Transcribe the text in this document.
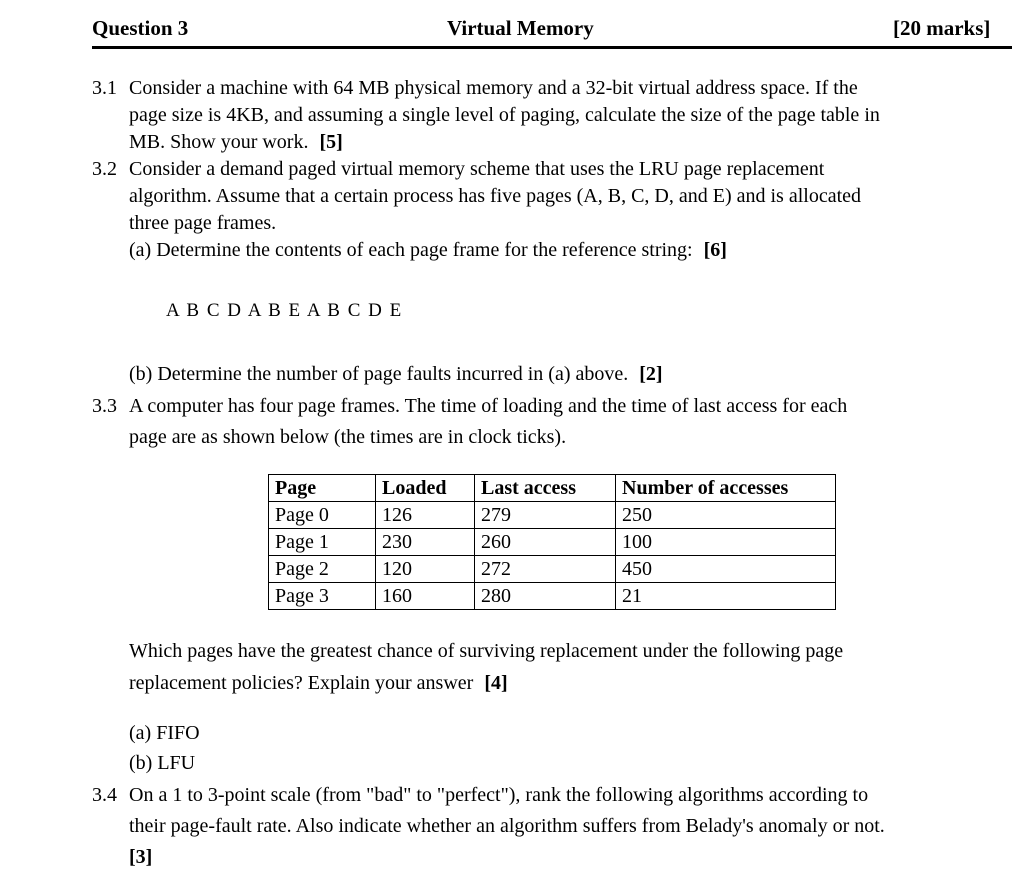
Question 3	Virtual Memory	[20 marks]
3.1 Consider a machine with 64 MB physical memory and a 32-bit virtual address space. If the
page size is 4KB, and assuming a single level of paging, calculate the size of the page table in
MB. Show your work. [5]
3.2 Consider a demand paged virtual memory scheme that uses the LRU page replacement
algorithm. Assume that a certain process has five pages (A, B, C, D, and E) and is allocated
three page frames.
(a) Determine the contents of each page frame for the reference string: [6]
A B C D A B E A B C D E
(b) Determine the number of page faults incurred in (a) above. [2]
3.3 A computer has four page frames. The time of loading and the time of last access for each
page are as shown below (the times are in clock ticks).
Page	Loaded	Last access	Number of accesses
Page 0	126	279	250
Page 1	230	260	100
Page 2	120	272	450
Page 3	160	280	21
Which pages have the greatest chance of surviving replacement under the following page
replacement policies? Explain your answer [4]
(a) FIFO
(b) LFU
3.4 On a 1 to 3-point scale (from "bad" to "perfect"), rank the following algorithms according to
their page-fault rate. Also indicate whether an algorithm suffers from Belady's anomaly or not.
[3]
